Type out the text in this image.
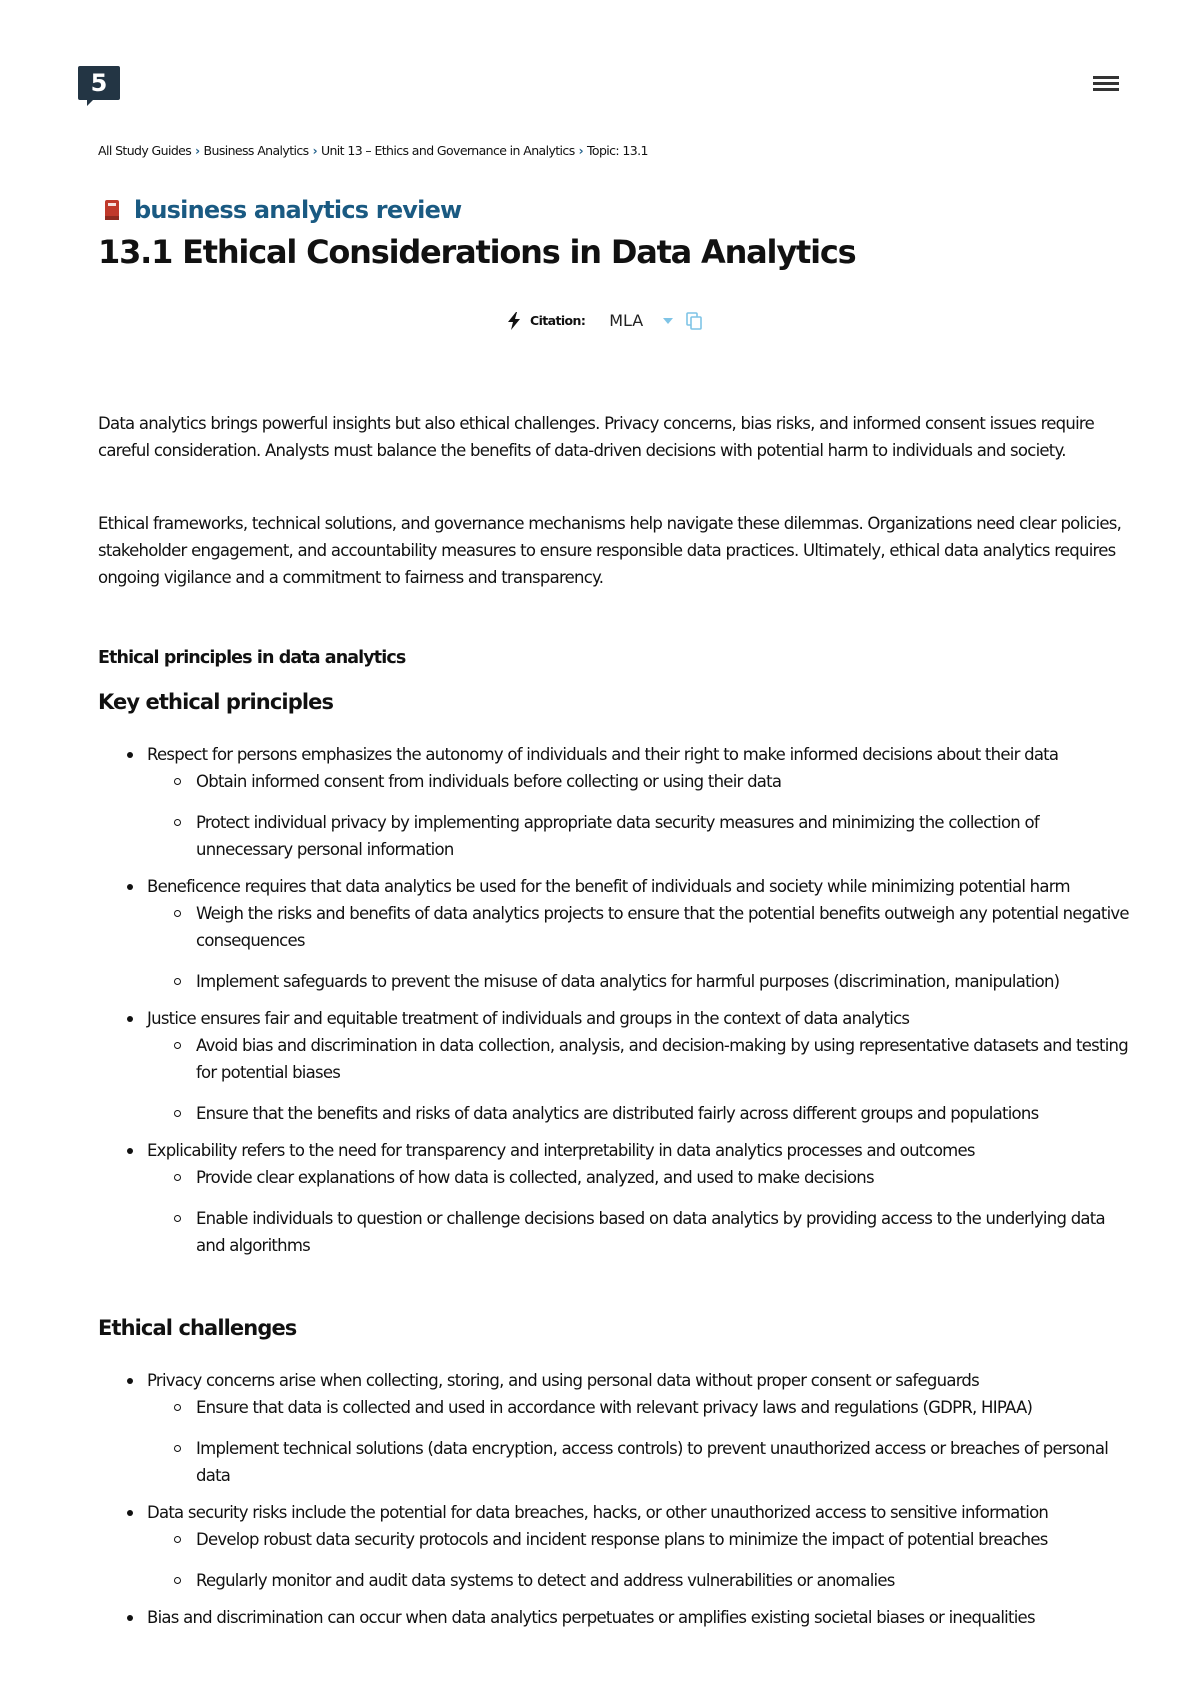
5
All Study Guides › Business Analytics › Unit 13 – Ethics and Governance in Analytics › Topic: 13.1
business analytics review
13.1 Ethical Considerations in Data Analytics
Citation: MLA

Data analytics brings powerful insights but also ethical challenges. Privacy concerns, bias risks, and informed consent issues require careful consideration. Analysts must balance the benefits of data-driven decisions with potential harm to individuals and society.

Ethical frameworks, technical solutions, and governance mechanisms help navigate these dilemmas. Organizations need clear policies, stakeholder engagement, and accountability measures to ensure responsible data practices. Ultimately, ethical data analytics requires ongoing vigilance and a commitment to fairness and transparency.

Ethical principles in data analytics
Key ethical principles
Respect for persons emphasizes the autonomy of individuals and their right to make informed decisions about their data
Obtain informed consent from individuals before collecting or using their data
Protect individual privacy by implementing appropriate data security measures and minimizing the collection of unnecessary personal information
Beneficence requires that data analytics be used for the benefit of individuals and society while minimizing potential harm
Weigh the risks and benefits of data analytics projects to ensure that the potential benefits outweigh any potential negative consequences
Implement safeguards to prevent the misuse of data analytics for harmful purposes (discrimination, manipulation)
Justice ensures fair and equitable treatment of individuals and groups in the context of data analytics
Avoid bias and discrimination in data collection, analysis, and decision-making by using representative datasets and testing for potential biases
Ensure that the benefits and risks of data analytics are distributed fairly across different groups and populations
Explicability refers to the need for transparency and interpretability in data analytics processes and outcomes
Provide clear explanations of how data is collected, analyzed, and used to make decisions
Enable individuals to question or challenge decisions based on data analytics by providing access to the underlying data and algorithms
Ethical challenges
Privacy concerns arise when collecting, storing, and using personal data without proper consent or safeguards
Ensure that data is collected and used in accordance with relevant privacy laws and regulations (GDPR, HIPAA)
Implement technical solutions (data encryption, access controls) to prevent unauthorized access or breaches of personal data
Data security risks include the potential for data breaches, hacks, or other unauthorized access to sensitive information
Develop robust data security protocols and incident response plans to minimize the impact of potential breaches
Regularly monitor and audit data systems to detect and address vulnerabilities or anomalies
Bias and discrimination can occur when data analytics perpetuates or amplifies existing societal biases or inequalities
